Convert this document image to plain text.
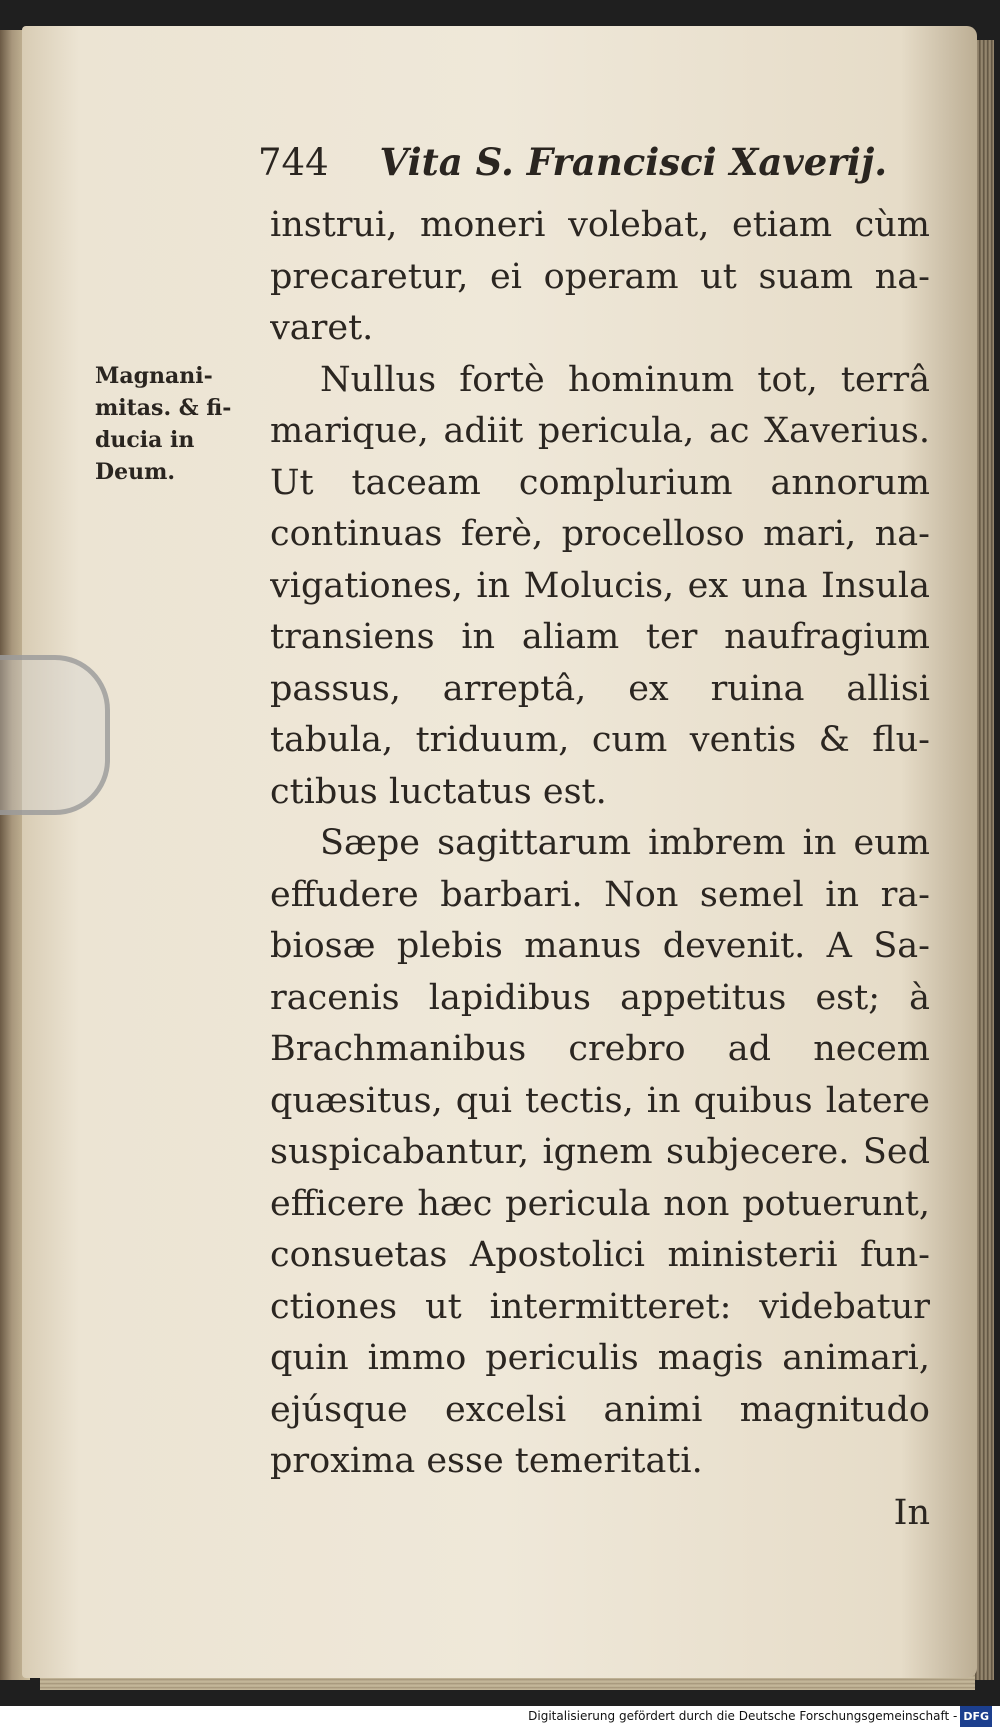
744 Vita S. Francisci Xaverij.
Magnani-
mitas. & fi-
ducia in
Deum.
instrui, moneri volebat, etiam cùm
precaretur, ei operam ut suam na-
varet.
Nullus fortè hominum tot, terrâ
marique, adiit pericula, ac Xaverius.
Ut taceam complurium annorum
continuas ferè, procelloso mari, na-
vigationes, in Molucis, ex una Insula
transiens in aliam ter naufragium
passus, arreptâ, ex ruina allisi
tabula, triduum, cum ventis & flu-
ctibus luctatus est.
Sæpe sagittarum imbrem in eum
effudere barbari. Non semel in ra-
biosæ plebis manus devenit. A Sa-
racenis lapidibus appetitus est; à
Brachmanibus crebro ad necem
quæsitus, qui tectis, in quibus latere
suspicabantur, ignem subjecere. Sed
efficere hæc pericula non potuerunt,
consuetas Apostolici ministerii fun-
ctiones ut intermitteret: videbatur
quin immo periculis magis animari,
ejúsque excelsi animi magnitudo
proxima esse temeritati.
In
Digitalisierung gefördert durch die Deutsche Forschungsgemeinschaft - DFG
